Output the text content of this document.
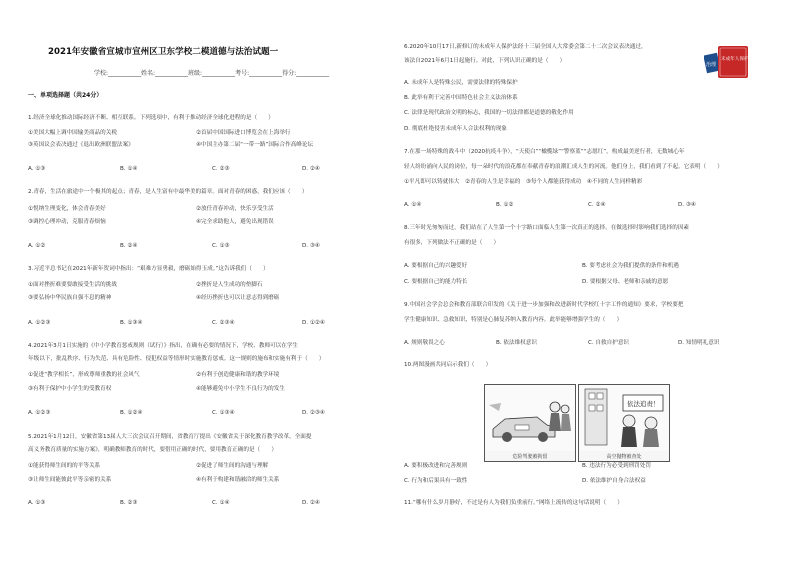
2021年安徽省宣城市宣州区卫东学校二模道德与法治试题一
学校:___________姓名:___________班级:___________考号:___________得分:___________
一、单项选择题（共24分）
1.经济全球化推动国际经济不断、相互联系。下列选项中，有利于推动经济全球化进程的是（　　）
①美国大幅上调中国输美商品的关税	②首届中国国际进口博览会在上海举行
③英国议会表决通过《退出欧洲联盟法案》	④中国主办第二届“一带一路”国际合作高峰论坛
A. ①③	B. ①④	C. ②③	D. ②④
2.青春，生活在旅途中一个极其的起点；青春，是人生富有中最华美的篇章。面对青春的困惑，我们应该（　　）
①悦纳生理变化，体会青春美好	②放任青春冲动，快乐享受生活
③调控心理冲动，克服青春烦恼	④完全求助他人，避免出现错误
A. ①②	B. ②④	C. ①③	D. ③④
3.习近平总书记在2021年新年贺词中指出：“艰难方显勇毅，磨砺始得玉成。”这告诉我们（　　）
①面对挫折难要要敢接受生活的挑战	②挫折是人生成功的垫脚石
③要弘扬中华民族自强不息的精神	④经历挫折也可以让意志得到磨砺
A. ①②③	B. ①③④	C. ②③④	D. ①②④
4.2021年3月1日实施的《中小学教育惩戒规则（试行）》指出，在确有必要的情况下，学校、教师可以在学生
年级以下，批乱秩序、行为失范、具有危险性、侵犯权益等情形时实施教育惩戒。这一规则的施布和实施有利于（　　）
①促进“教学相长”，形成尊师重教的社会风气	②有利于创造健康和谐的教学环境
③有利于保护中小学生的受教育权	④能够避免中小学生不良行为的发生
A. ①②③	B. ①②④	C. ①③④	D. ②③④
5.2021年1月12日，安徽省第13届人大三次会议召开期间，省教育厅提出《安徽省关于深化教育教学改革，全面提
高义务教育质量的实施方案》，明确教师教育的时代，要借用正确的时代，要用教育正确的是（　　）
①能获得师生间的的平等关系	②促进了师生间的沟通与理解
③让师生间能彼此平等亲密的关系	④有利于构建和谐融洽的师生关系
A. ①③	B. ②③	C. ①④	D. ②④
6.2020年10月17日,新修订的未成年人保护法经十三届全国人大常委会第二十二次会议表决通过，
该法自2021年6月1日起施行。对此，下列认识正确的是（　　）
A. 未成年人是特殊公民，需要法律的特殊保护
B. 此举有利于完善中国特色社会主义法治体系
C. 法律是现代政治文明的标志，我国的一切法律都是道德的敬化作用
D. 彻底杜绝侵害未成年人合法权利的现象
7.在那一场特殊的战斗中（2020抗疫斗争），“天使白”“橄榄绿”“警察蓝”“志愿红”，构成最美逆行者，无数城心年
轻人纷纷涌向人民的岗位，每一朵时代的浪花都在奉献青春的浪潮汇成人生的河流。他们身上，我们看到了不起。它表明（　　）
①平凡即可以铸就伟大　②青春的人生是幸福的　③每个人都能获得成功　④不同的人生同样精彩
A. ①④	B. ①②	C. ②④	D. ③④
8.三年时光匆匆而过，我们站在了人生第一个十字路口面临人生第一次真正的选择。在做选择时影响我们选择的因素
有很多，下列做法不正确的是（　　）
A. 要根据自己的兴趣爱好	B. 要考虑社会为我们提供的条件和机遇
C. 要根据自己的能力特长	D. 要根据父母、老师和亲戚的意愿
9.中国社会学会总会和教育部联合印发的《关于进一步加强和改进新时代学校红十字工作的通知》要求，学校要把
学生健康知识、急救知识，特别是心肺复苏纳入教育内容。此举能够增强学生的（　　）
A. 规则敬畏之心	B. 依法维权意识	C. 自救自护意识	D. 知情明礼意识
10.两图漫画共同启示我们（　　）
A. 要积极改进和完善规则	B. 违法行为必受到刑罚处罚
C. 行为和后果具有一致性	D. 依法维护自身合法权益
11.“哪有什么岁月静好，不过是有人为我们负重前行。”网络上流传的这句话说明（　　）
治理
未成年人保护法
危险驾驶被拘留
依法追责！
高空抛物被查处
